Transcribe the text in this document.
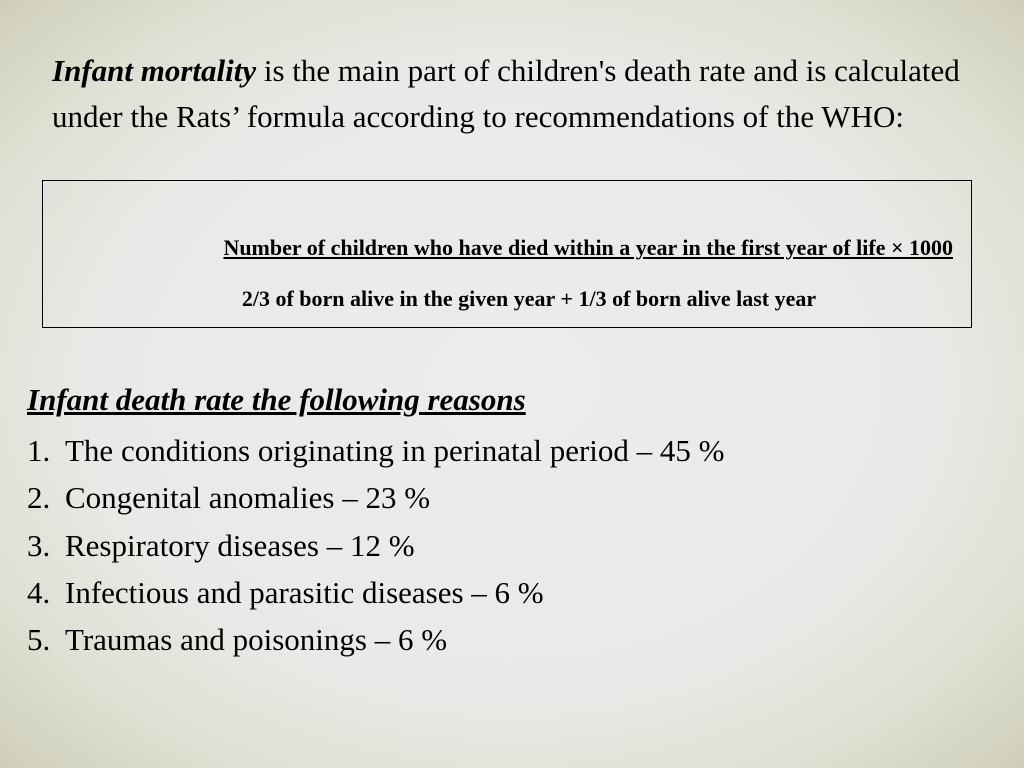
Infant mortality is the main part of children's death rate and is calculated under the Rats’ formula according to recommendations of the WHO:

Number of children who have died within a year in the first year of life × 1000
2/3 of born alive in the given year + 1/3 of born alive last year
Infant death rate the following reasons
1. The conditions originating in perinatal period – 45 %
2. Congenital anomalies – 23 %
3. Respiratory diseases – 12 %
4. Infectious and parasitic diseases – 6 %
5. Traumas and poisonings – 6 %
